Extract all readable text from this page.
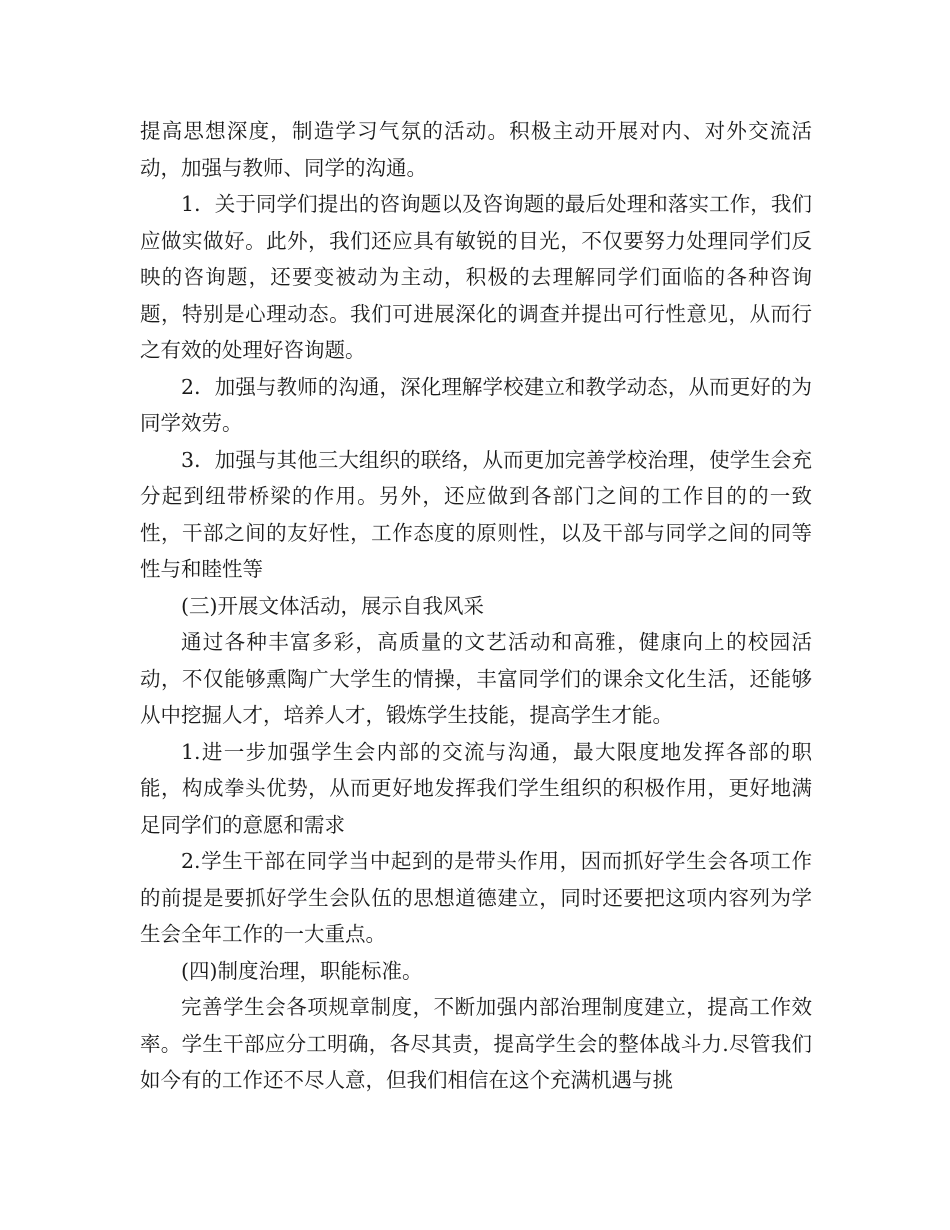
提高思想深度，制造学习气氛的活动。积极主动开展对内、对外交流活动，加强与教师、同学的沟通。

1．关于同学们提出的咨询题以及咨询题的最后处理和落实工作，我们应做实做好。此外，我们还应具有敏锐的目光，不仅要努力处理同学们反映的咨询题，还要变被动为主动，积极的去理解同学们面临的各种咨询题，特别是心理动态。我们可进展深化的调查并提出可行性意见，从而行之有效的处理好咨询题。

2．加强与教师的沟通，深化理解学校建立和教学动态，从而更好的为同学效劳。

3．加强与其他三大组织的联络，从而更加完善学校治理，使学生会充分起到纽带桥梁的作用。另外，还应做到各部门之间的工作目的的一致性，干部之间的友好性，工作态度的原则性，以及干部与同学之间的同等性与和睦性等

(三)开展文体活动，展示自我风采

通过各种丰富多彩，高质量的文艺活动和高雅，健康向上的校园活动，不仅能够熏陶广大学生的情操，丰富同学们的课余文化生活，还能够从中挖掘人才，培养人才，锻炼学生技能，提高学生才能。

1.进一步加强学生会内部的交流与沟通，最大限度地发挥各部的职能，构成拳头优势，从而更好地发挥我们学生组织的积极作用，更好地满足同学们的意愿和需求

2.学生干部在同学当中起到的是带头作用，因而抓好学生会各项工作的前提是要抓好学生会队伍的思想道德建立，同时还要把这项内容列为学生会全年工作的一大重点。

(四)制度治理，职能标准。

完善学生会各项规章制度，不断加强内部治理制度建立，提高工作效率。学生干部应分工明确，各尽其责，提高学生会的整体战斗力.尽管我们如今有的工作还不尽人意，但我们相信在这个充满机遇与挑
